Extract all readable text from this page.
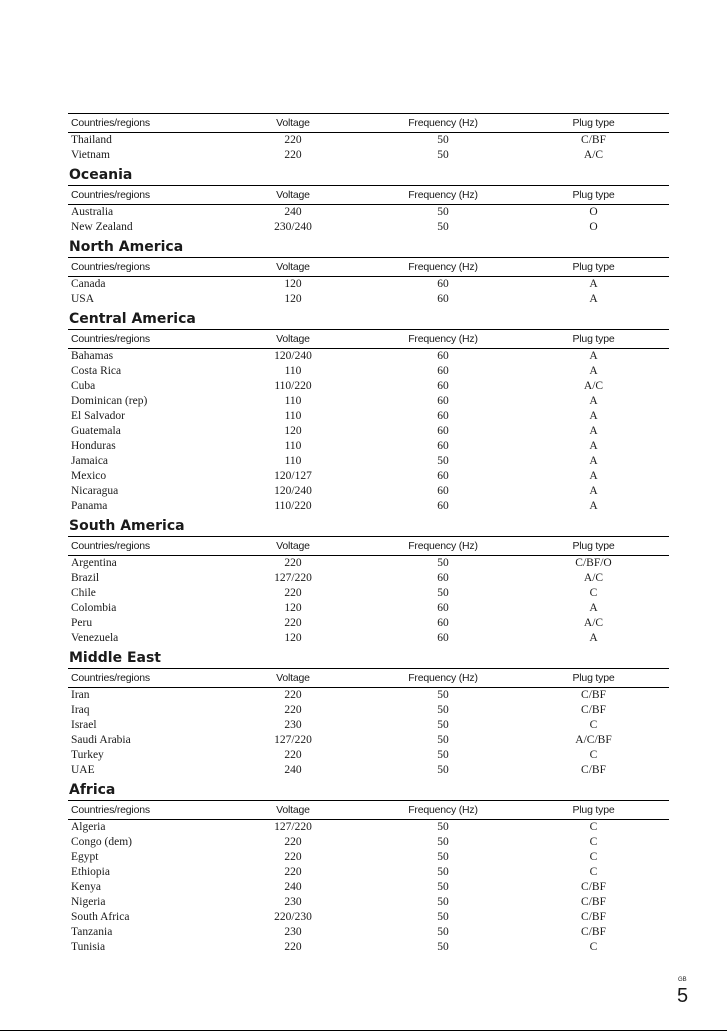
Countries/regions	Voltage	Frequency (Hz)	Plug type
Thailand	220	50	C/BF
Vietnam	220	50	A/C
Oceania
Countries/regions	Voltage	Frequency (Hz)	Plug type
Australia	240	50	O
New Zealand	230/240	50	O
North America
Countries/regions	Voltage	Frequency (Hz)	Plug type
Canada	120	60	A
USA	120	60	A
Central America
Countries/regions	Voltage	Frequency (Hz)	Plug type
Bahamas	120/240	60	A
Costa Rica	110	60	A
Cuba	110/220	60	A/C
Dominican (rep)	110	60	A
El Salvador	110	60	A
Guatemala	120	60	A
Honduras	110	60	A
Jamaica	110	50	A
Mexico	120/127	60	A
Nicaragua	120/240	60	A
Panama	110/220	60	A
South America
Countries/regions	Voltage	Frequency (Hz)	Plug type
Argentina	220	50	C/BF/O
Brazil	127/220	60	A/C
Chile	220	50	C
Colombia	120	60	A
Peru	220	60	A/C
Venezuela	120	60	A
Middle East
Countries/regions	Voltage	Frequency (Hz)	Plug type
Iran	220	50	C/BF
Iraq	220	50	C/BF
Israel	230	50	C
Saudi Arabia	127/220	50	A/C/BF
Turkey	220	50	C
UAE	240	50	C/BF
Africa
Countries/regions	Voltage	Frequency (Hz)	Plug type
Algeria	127/220	50	C
Congo (dem)	220	50	C
Egypt	220	50	C
Ethiopia	220	50	C
Kenya	240	50	C/BF
Nigeria	230	50	C/BF
South Africa	220/230	50	C/BF
Tanzania	230	50	C/BF
Tunisia	220	50	C
GB
5
